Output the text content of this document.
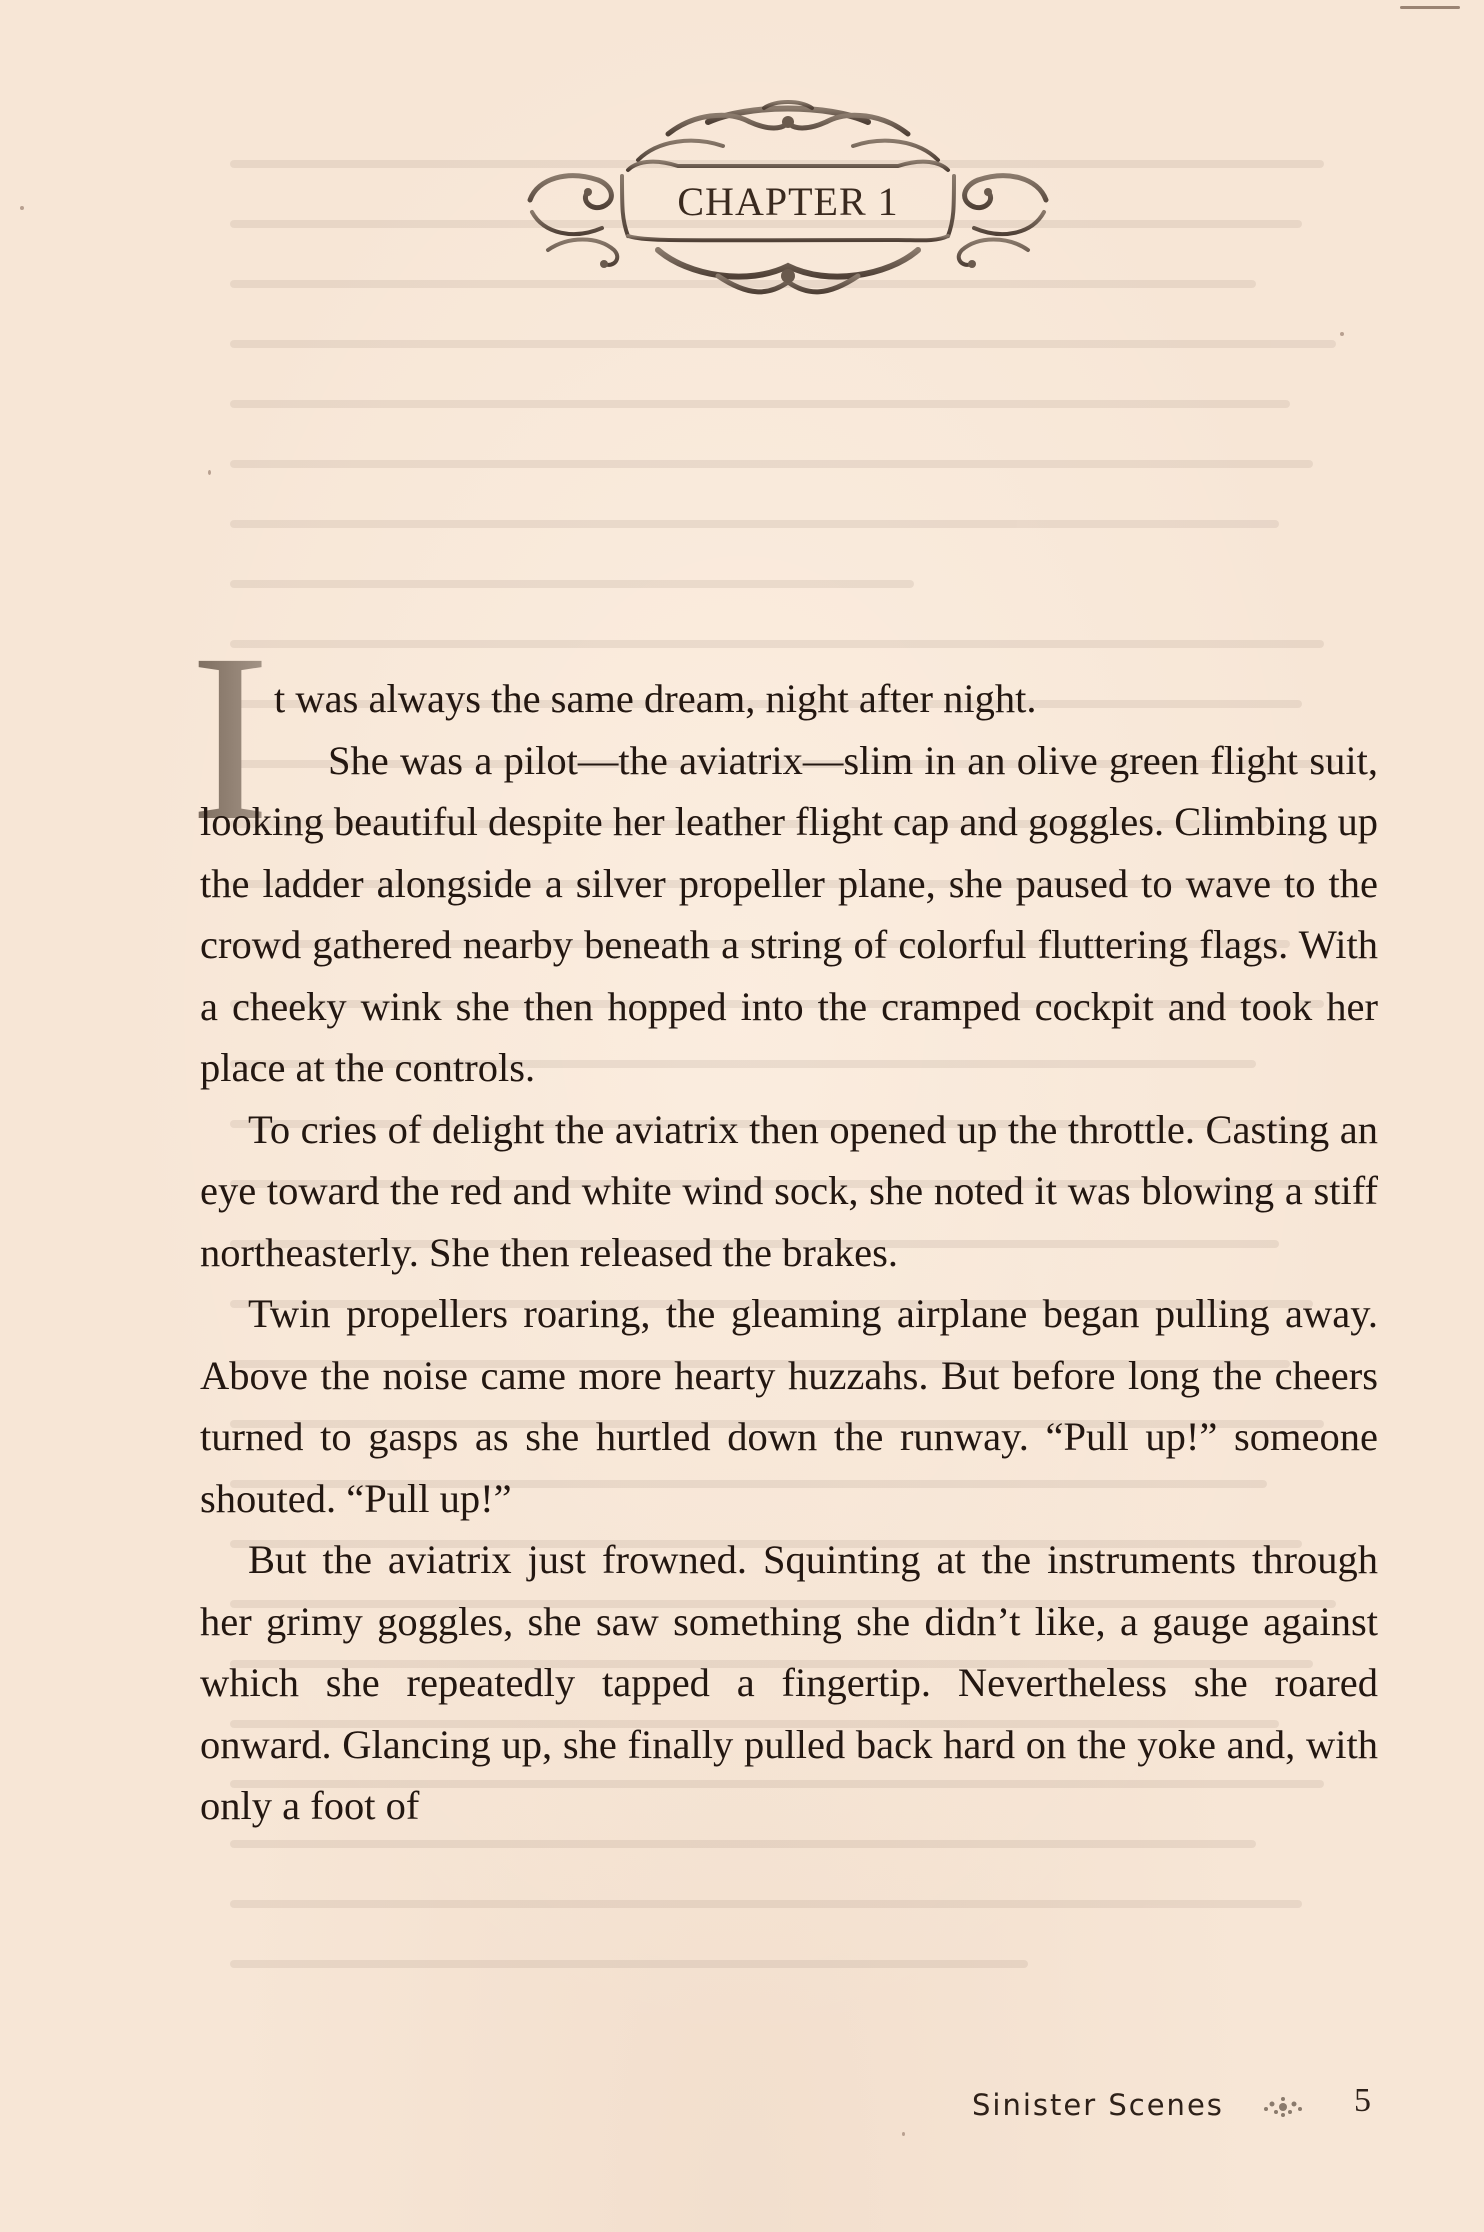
CHAPTER 1
I t was always the same dream, night after night.

She was a pilot—the aviatrix—slim in an olive green flight suit, looking beautiful despite her leather flight cap and goggles. Climbing up the ladder alongside a silver propeller plane, she paused to wave to the crowd gathered nearby beneath a string of colorful fluttering flags. With a cheeky wink she then hopped into the cramped cockpit and took her place at the controls.

To cries of delight the aviatrix then opened up the throttle. Casting an eye toward the red and white wind sock, she noted it was blowing a stiff northeasterly. She then released the brakes.

Twin propellers roaring, the gleaming airplane began pulling away. Above the noise came more hearty huzzahs. But before long the cheers turned to gasps as she hurtled down the runway. “Pull up!” someone shouted. “Pull up!”

But the aviatrix just frowned. Squinting at the instruments through her grimy goggles, she saw something she didn’t like, a gauge against which she repeatedly tapped a fingertip. Nevertheless she roared onward. Glancing up, she finally pulled back hard on the yoke and, with only a foot of

Sinister Scenes	5
